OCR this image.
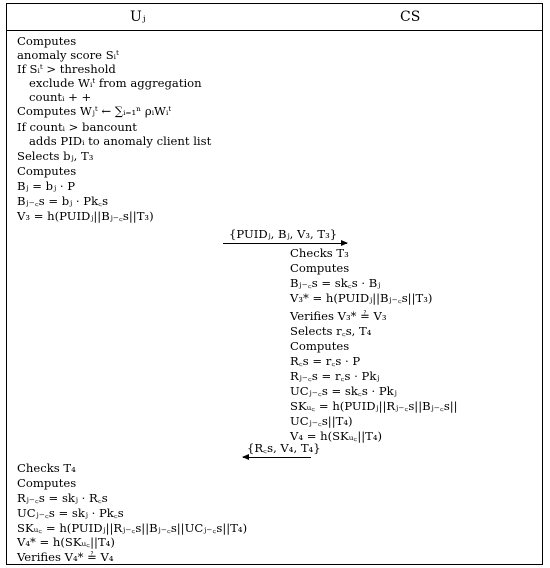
Uⱼ	CS
Computes
anomaly score Sᵢᵗ
If Sᵢᵗ > threshold
exclude Wᵢᵗ from aggregation
countᵢ + +
Computes Wⱼᵗ ← ∑ᵢ₌₁ⁿ ρᵢWᵢᵗ
If countᵢ > bancount
adds PIDᵢ to anomaly client list
Selects bⱼ, T₃
Computes
Bⱼ = bⱼ · P
Bⱼ₋꜀ꜱ = bⱼ · Pk꜀ꜱ
V₃ = h(PUIDⱼ||Bⱼ₋꜀ꜱ||T₃)
{PUIDⱼ, Bⱼ, V₃, T₃}
Checks T₃
Computes
Bⱼ₋꜀ꜱ = sk꜀ꜱ · Bⱼ
V₃* = h(PUIDⱼ||Bⱼ₋꜀ꜱ||T₃)
Verifies V₃* ≟ V₃
Selects r꜀ꜱ, T₄
Computes
R꜀ꜱ = r꜀ꜱ · P
Rⱼ₋꜀ꜱ = r꜀ꜱ · Pkⱼ
UCⱼ₋꜀ꜱ = sk꜀ꜱ · Pkⱼ
SKᵤ꜀ = h(PUIDⱼ||Rⱼ₋꜀ꜱ||Bⱼ₋꜀ꜱ||
UCⱼ₋꜀ꜱ||T₄)
V₄ = h(SKᵤ꜀||T₄)
{R꜀ꜱ, V₄, T₄}
Checks T₄
Computes
Rⱼ₋꜀ꜱ = skⱼ · R꜀ꜱ
UCⱼ₋꜀ꜱ = skⱼ · Pk꜀ꜱ
SKᵤ꜀ = h(PUIDⱼ||Rⱼ₋꜀ꜱ||Bⱼ₋꜀ꜱ||UCⱼ₋꜀ꜱ||T₄)
V₄* = h(SKᵤ꜀||T₄)
Verifies V₄* ≟ V₄
